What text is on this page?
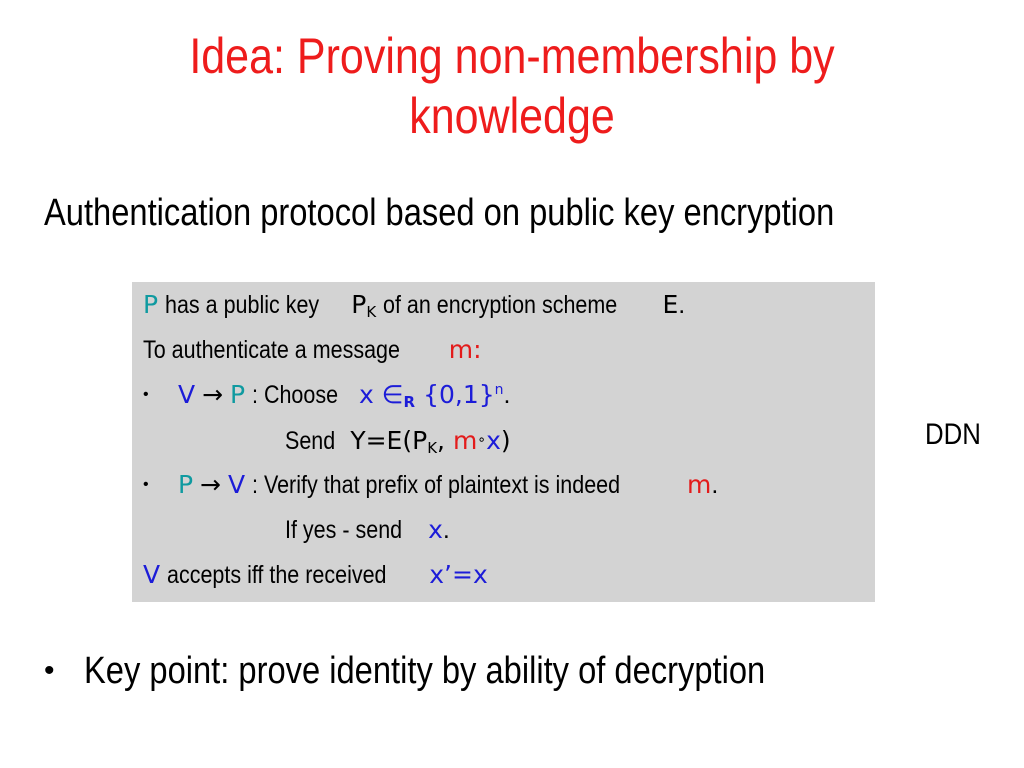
Idea: Proving non-membership by
knowledge
Authentication protocol based on public key encryption
P has a public key $P_K$ of an encryption scheme E.
To authenticate a message m:
• V → P : Choose x $\in_R$ $\{0,1\}^n$.
Send $Y=E(P_K$, m∘x)
• P → V : Verify that prefix of plaintext is indeed	m.
If yes - send x.
V accepts iff the received x’=x
DDN
• Key point: prove identity by ability of decryption
